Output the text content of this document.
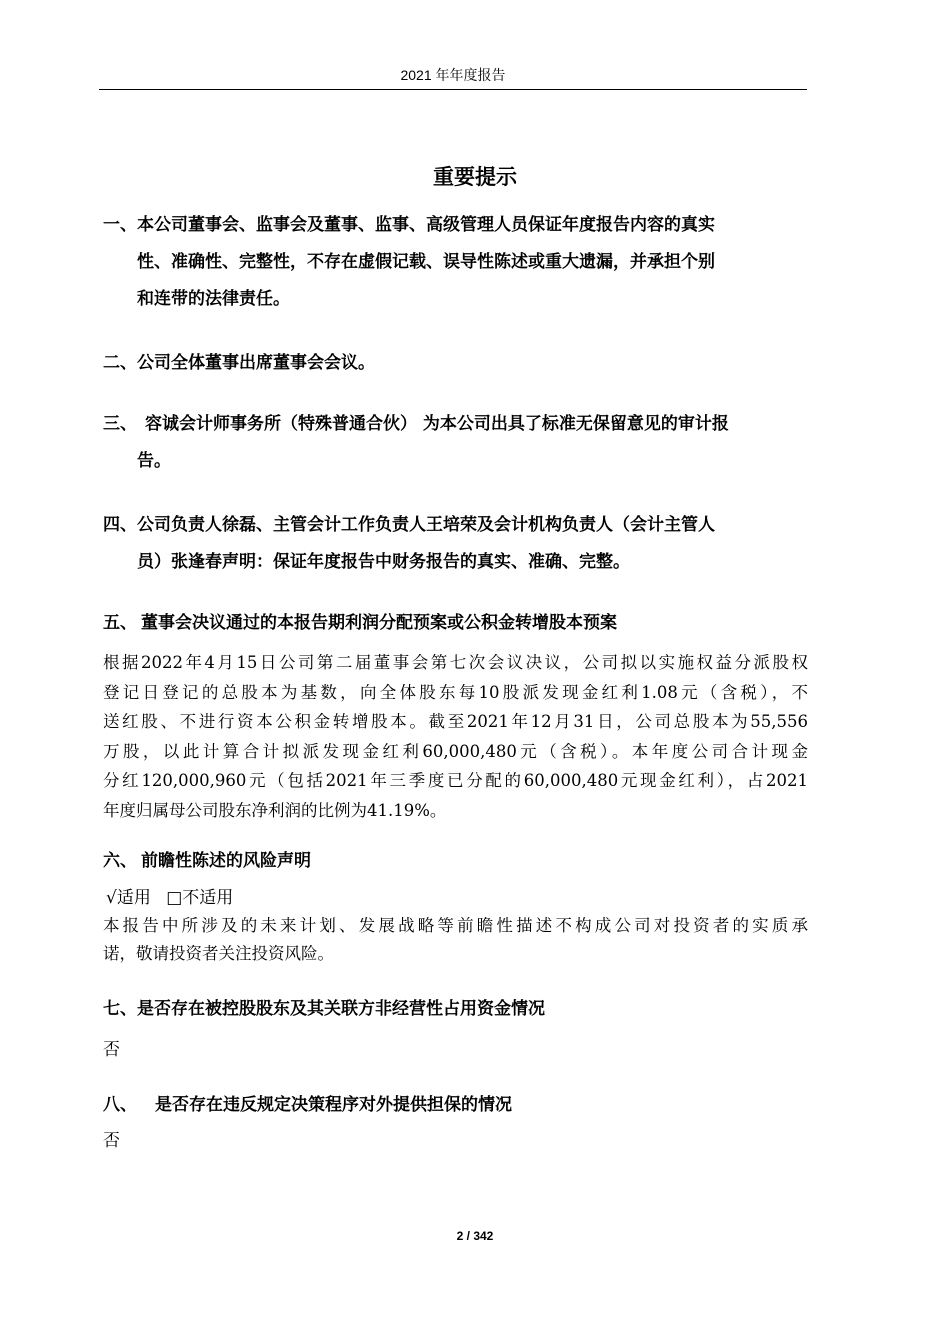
2021 年年度报告
重要提示
一、 本公司董事会、监事会及董事、监事、高级管理人员保证年度报告内容的真实
性、准确性、完整性，不存在虚假记载、误导性陈述或重大遗漏，并承担个别
和连带的法律责任。
二、 公司全体董事出席董事会会议。
三、 容诚会计师事务所（特殊普通合伙） 为本公司出具了标准无保留意见的审计报
告。
四、 公司负责人徐磊、主管会计工作负责人王培荣及会计机构负责人（会计主管人
员）张逢春声明：保证年度报告中财务报告的真实、准确、完整。
五、 董事会决议通过的本报告期利润分配预案或公积金转增股本预案
根据2022年4月15日公司第二届董事会第七次会议决议，公司拟以实施权益分派股权
登记日登记的总股本为基数，向全体股东每10股派发现金红利1.08元（含税），不
送红股、不进行资本公积金转增股本。截至2021年12月31日，公司总股本为55,556
万股，以此计算合计拟派发现金红利60,000,480元（含税）。本年度公司合计现金
分红120,000,960元（包括2021年三季度已分配的60,000,480元现金红利），占2021
年度归属母公司股东净利润的比例为41.19%。
六、 前瞻性陈述的风险声明
√适用 □不适用
本报告中所涉及的未来计划、发展战略等前瞻性描述不构成公司对投资者的实质承
诺，敬请投资者关注投资风险。
七、是否存在被控股股东及其关联方非经营性占用资金情况
否
八、 是否存在违反规定决策程序对外提供担保的情况
否
2 / 342
